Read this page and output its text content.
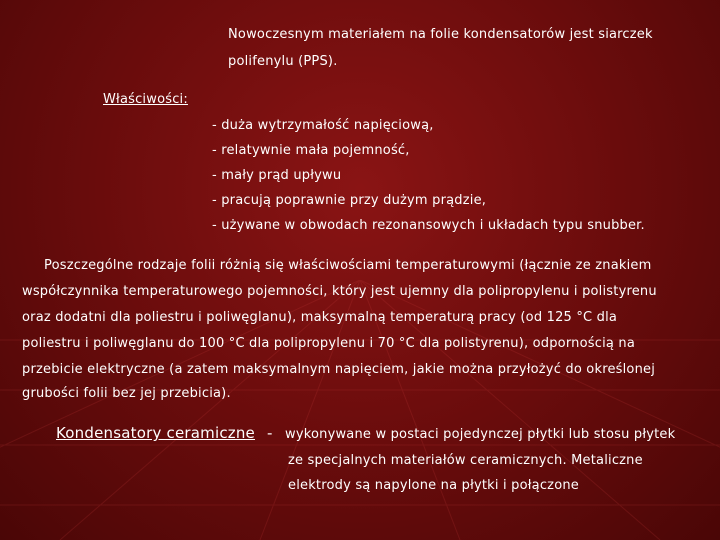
Nowoczesnym materiałem na folie kondensatorów jest siarczek
polifenylu (PPS).
Właściwości:
- duża wytrzymałość napięciową,
- relatywnie mała pojemność,
- mały prąd upływu
- pracują poprawnie przy dużym prądzie,
- używane w obwodach rezonansowych i układach typu snubber.
Poszczególne rodzaje folii różnią się właściwościami temperaturowymi (łącznie ze znakiem
współczynnika temperaturowego pojemności, który jest ujemny dla polipropylenu i polistyrenu
oraz dodatni dla poliestru i poliwęglanu), maksymalną temperaturą pracy (od 125 °C dla
poliestru i poliwęglanu do 100 °C dla polipropylenu i 70 °C dla polistyrenu), odpornością na
przebicie elektryczne (a zatem maksymalnym napięciem, jakie można przyłożyć do określonej
grubości folii bez jej przebicia).
Kondensatory ceramiczne - wykonywane w postaci pojedynczej płytki lub stosu płytek
ze specjalnych materiałów ceramicznych. Metaliczne
elektrody są napylone na płytki i połączone
